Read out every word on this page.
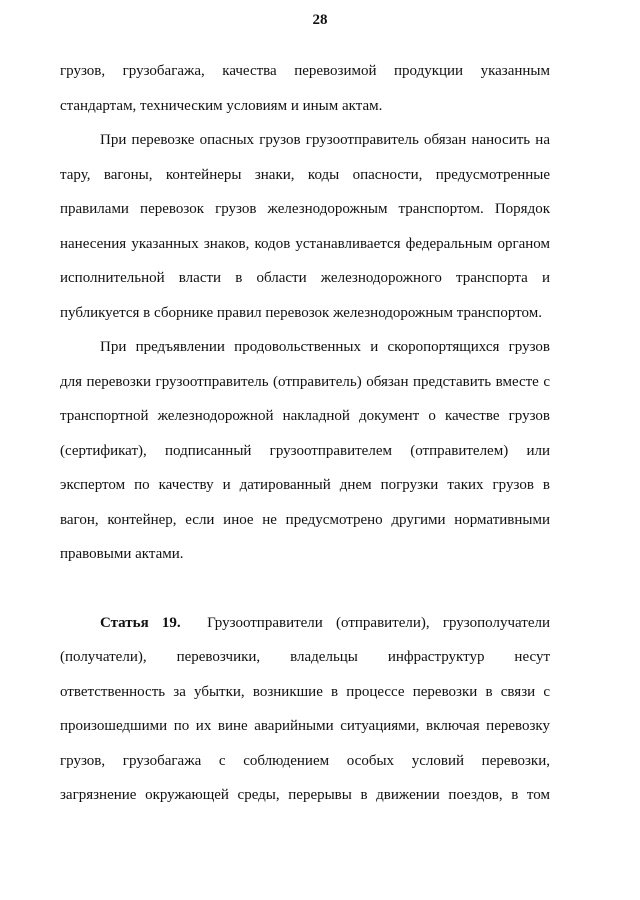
28
грузов, грузобагажа, качества перевозимой продукции указанным
стандартам, техническим условиям и иным актам.
При перевозке опасных грузов грузоотправитель обязан наносить на
тару, вагоны, контейнеры знаки, коды опасности, предусмотренные
правилами перевозок грузов железнодорожным транспортом. Порядок
нанесения указанных знаков, кодов устанавливается федеральным органом
исполнительной власти в области железнодорожного транспорта и
публикуется в сборнике правил перевозок железнодорожным транспортом.
При предъявлении продовольственных и скоропортящихся грузов
для перевозки грузоотправитель (отправитель) обязан представить вместе с
транспортной железнодорожной накладной документ о качестве грузов
(сертификат), подписанный грузоотправителем (отправителем) или
экспертом по качеству и датированный днем погрузки таких грузов в
вагон, контейнер, если иное не предусмотрено другими нормативными
правовыми актами.
Статья 19. Грузоотправители (отправители), грузополучатели
(получатели), перевозчики, владельцы инфраструктур несут
ответственность за убытки, возникшие в процессе перевозки в связи с
произошедшими по их вине аварийными ситуациями, включая перевозку
грузов, грузобагажа с соблюдением особых условий перевозки,
загрязнение окружающей среды, перерывы в движении поездов, в том
